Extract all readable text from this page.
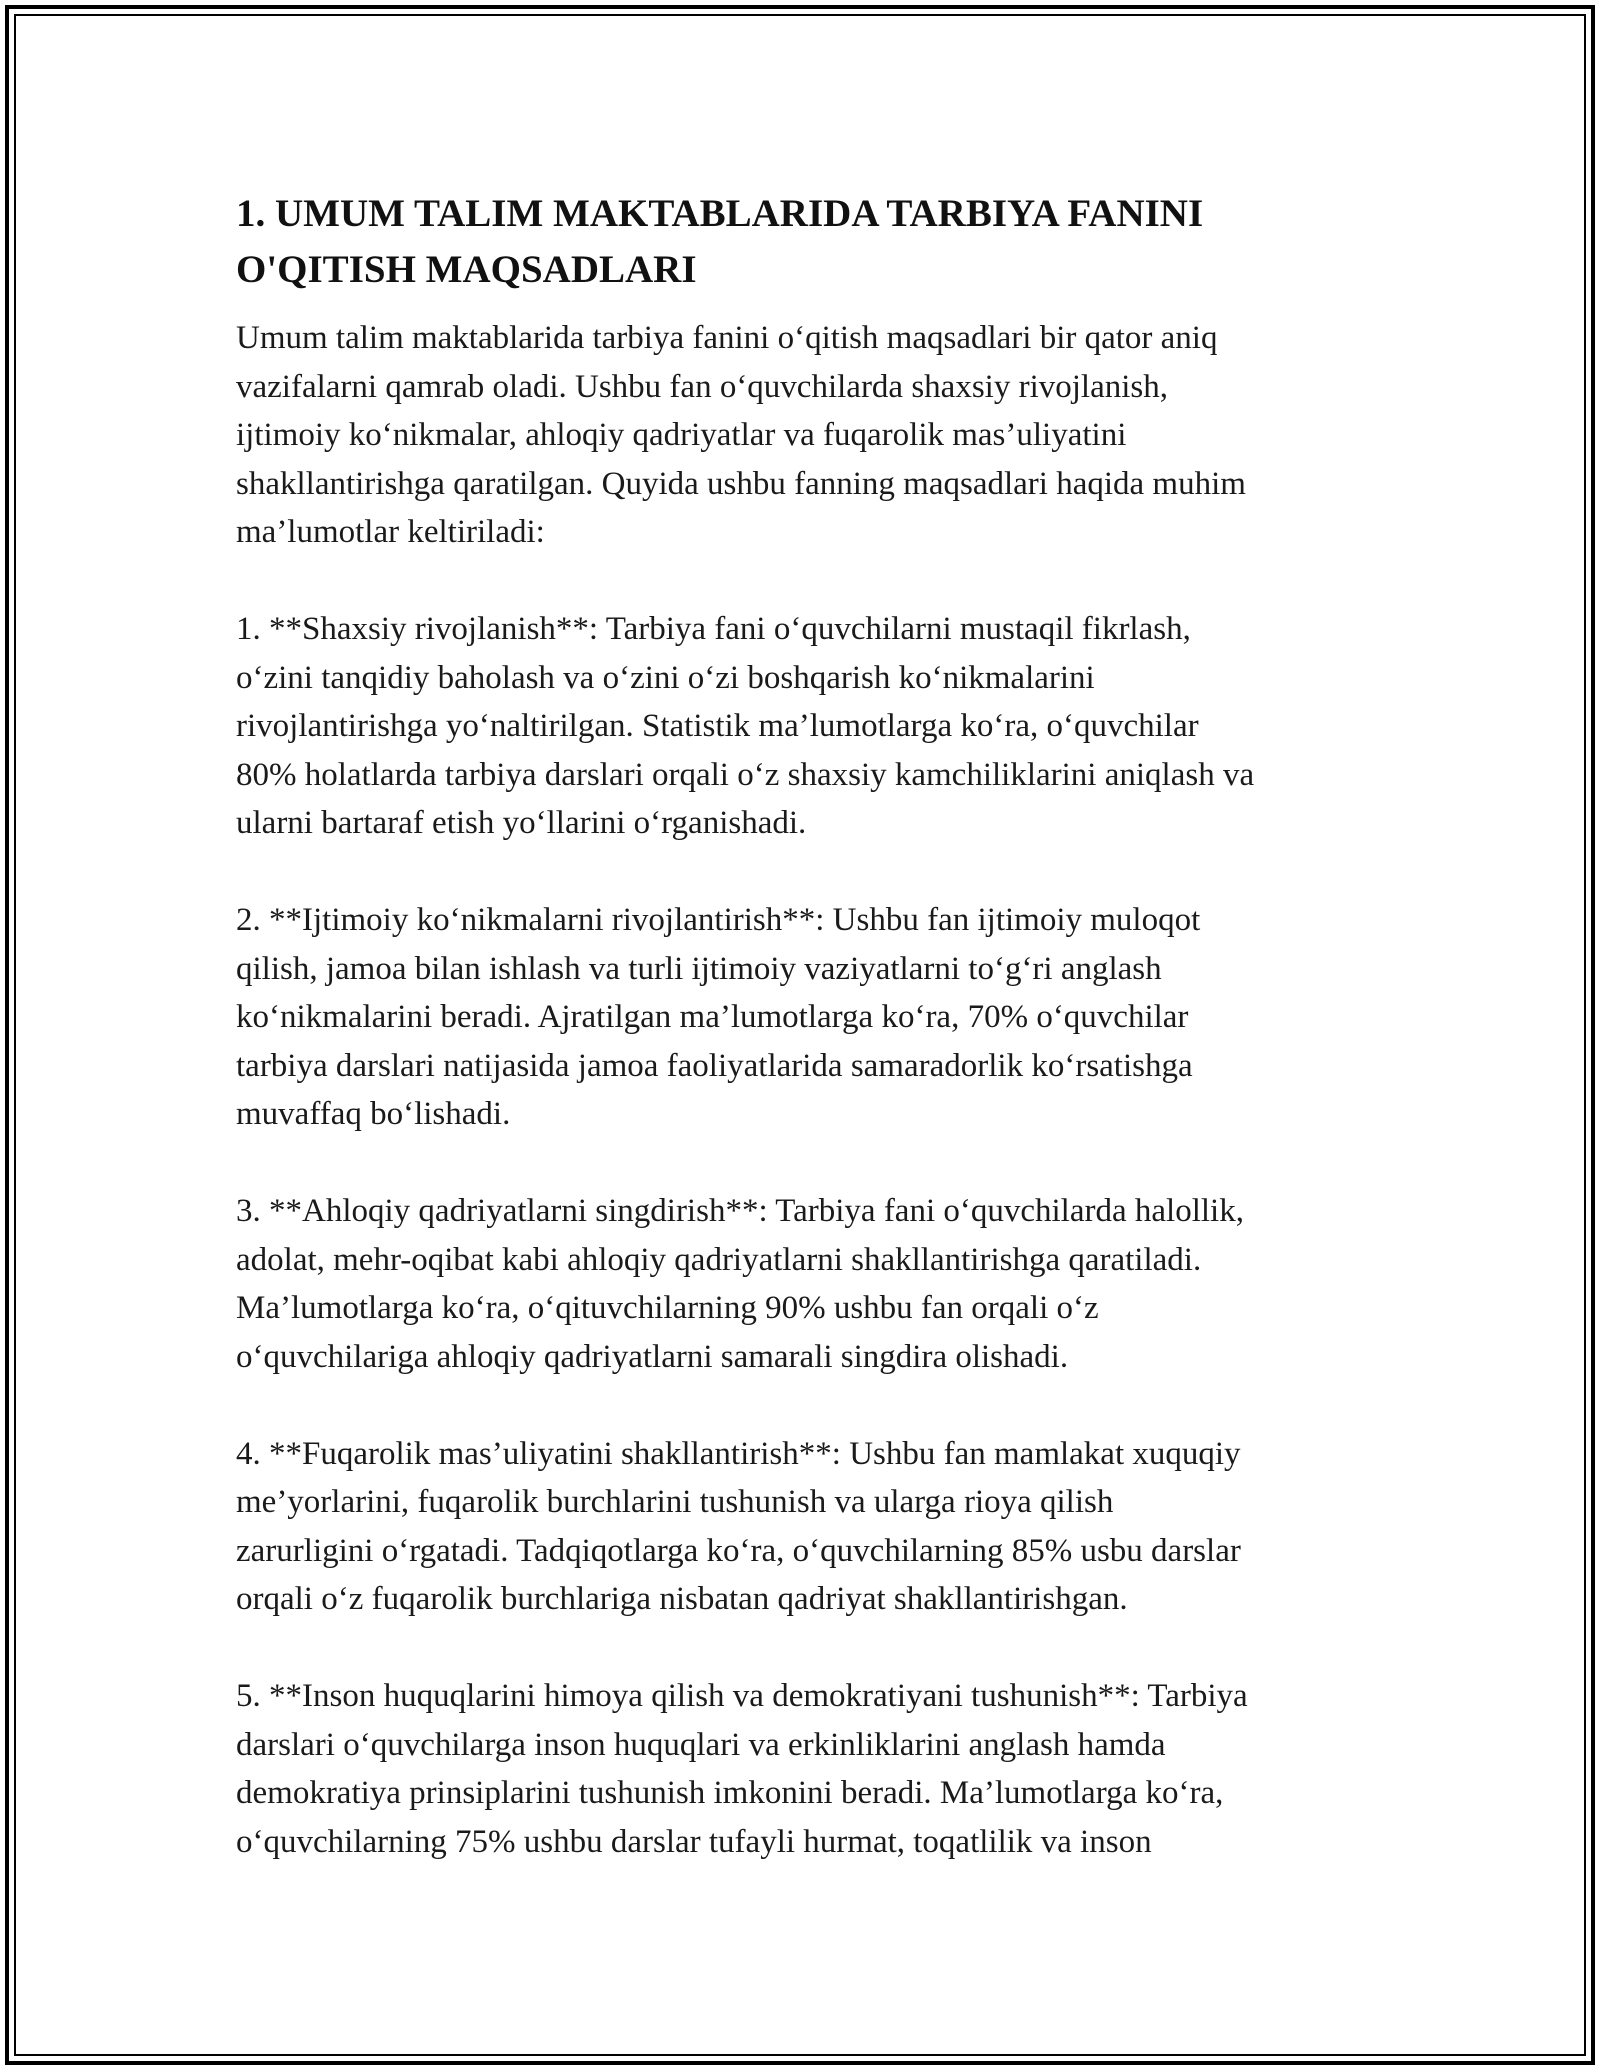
1. UMUM TALIM MAKTABLARIDA TARBIYA FANINI
O'QITISH MAQSADLARI

Umum talim maktablarida tarbiya fanini o‘qitish maqsadlari bir qator aniq
vazifalarni qamrab oladi. Ushbu fan o‘quvchilarda shaxsiy rivojlanish,
ijtimoiy ko‘nikmalar, ahloqiy qadriyatlar va fuqarolik mas’uliyatini
shakllantirishga qaratilgan. Quyida ushbu fanning maqsadlari haqida muhim
ma’lumotlar keltiriladi:

1. **Shaxsiy rivojlanish**: Tarbiya fani o‘quvchilarni mustaqil fikrlash,
o‘zini tanqidiy baholash va o‘zini o‘zi boshqarish ko‘nikmalarini
rivojlantirishga yo‘naltirilgan. Statistik ma’lumotlarga ko‘ra, o‘quvchilar
80% holatlarda tarbiya darslari orqali o‘z shaxsiy kamchiliklarini aniqlash va
ularni bartaraf etish yo‘llarini o‘rganishadi.

2. **Ijtimoiy ko‘nikmalarni rivojlantirish**: Ushbu fan ijtimoiy muloqot
qilish, jamoa bilan ishlash va turli ijtimoiy vaziyatlarni to‘g‘ri anglash
ko‘nikmalarini beradi. Ajratilgan ma’lumotlarga ko‘ra, 70% o‘quvchilar
tarbiya darslari natijasida jamoa faoliyatlarida samaradorlik ko‘rsatishga
muvaffaq bo‘lishadi.

3. **Ahloqiy qadriyatlarni singdirish**: Tarbiya fani o‘quvchilarda halollik,
adolat, mehr-oqibat kabi ahloqiy qadriyatlarni shakllantirishga qaratiladi.
Ma’lumotlarga ko‘ra, o‘qituvchilarning 90% ushbu fan orqali o‘z
o‘quvchilariga ahloqiy qadriyatlarni samarali singdira olishadi.

4. **Fuqarolik mas’uliyatini shakllantirish**: Ushbu fan mamlakat xuquqiy
me’yorlarini, fuqarolik burchlarini tushunish va ularga rioya qilish
zarurligini o‘rgatadi. Tadqiqotlarga ko‘ra, o‘quvchilarning 85% usbu darslar
orqali o‘z fuqarolik burchlariga nisbatan qadriyat shakllantirishgan.

5. **Inson huquqlarini himoya qilish va demokratiyani tushunish**: Tarbiya
darslari o‘quvchilarga inson huquqlari va erkinliklarini anglash hamda
demokratiya prinsiplarini tushunish imkonini beradi. Ma’lumotlarga ko‘ra,
o‘quvchilarning 75% ushbu darslar tufayli hurmat, toqatlilik va inson
